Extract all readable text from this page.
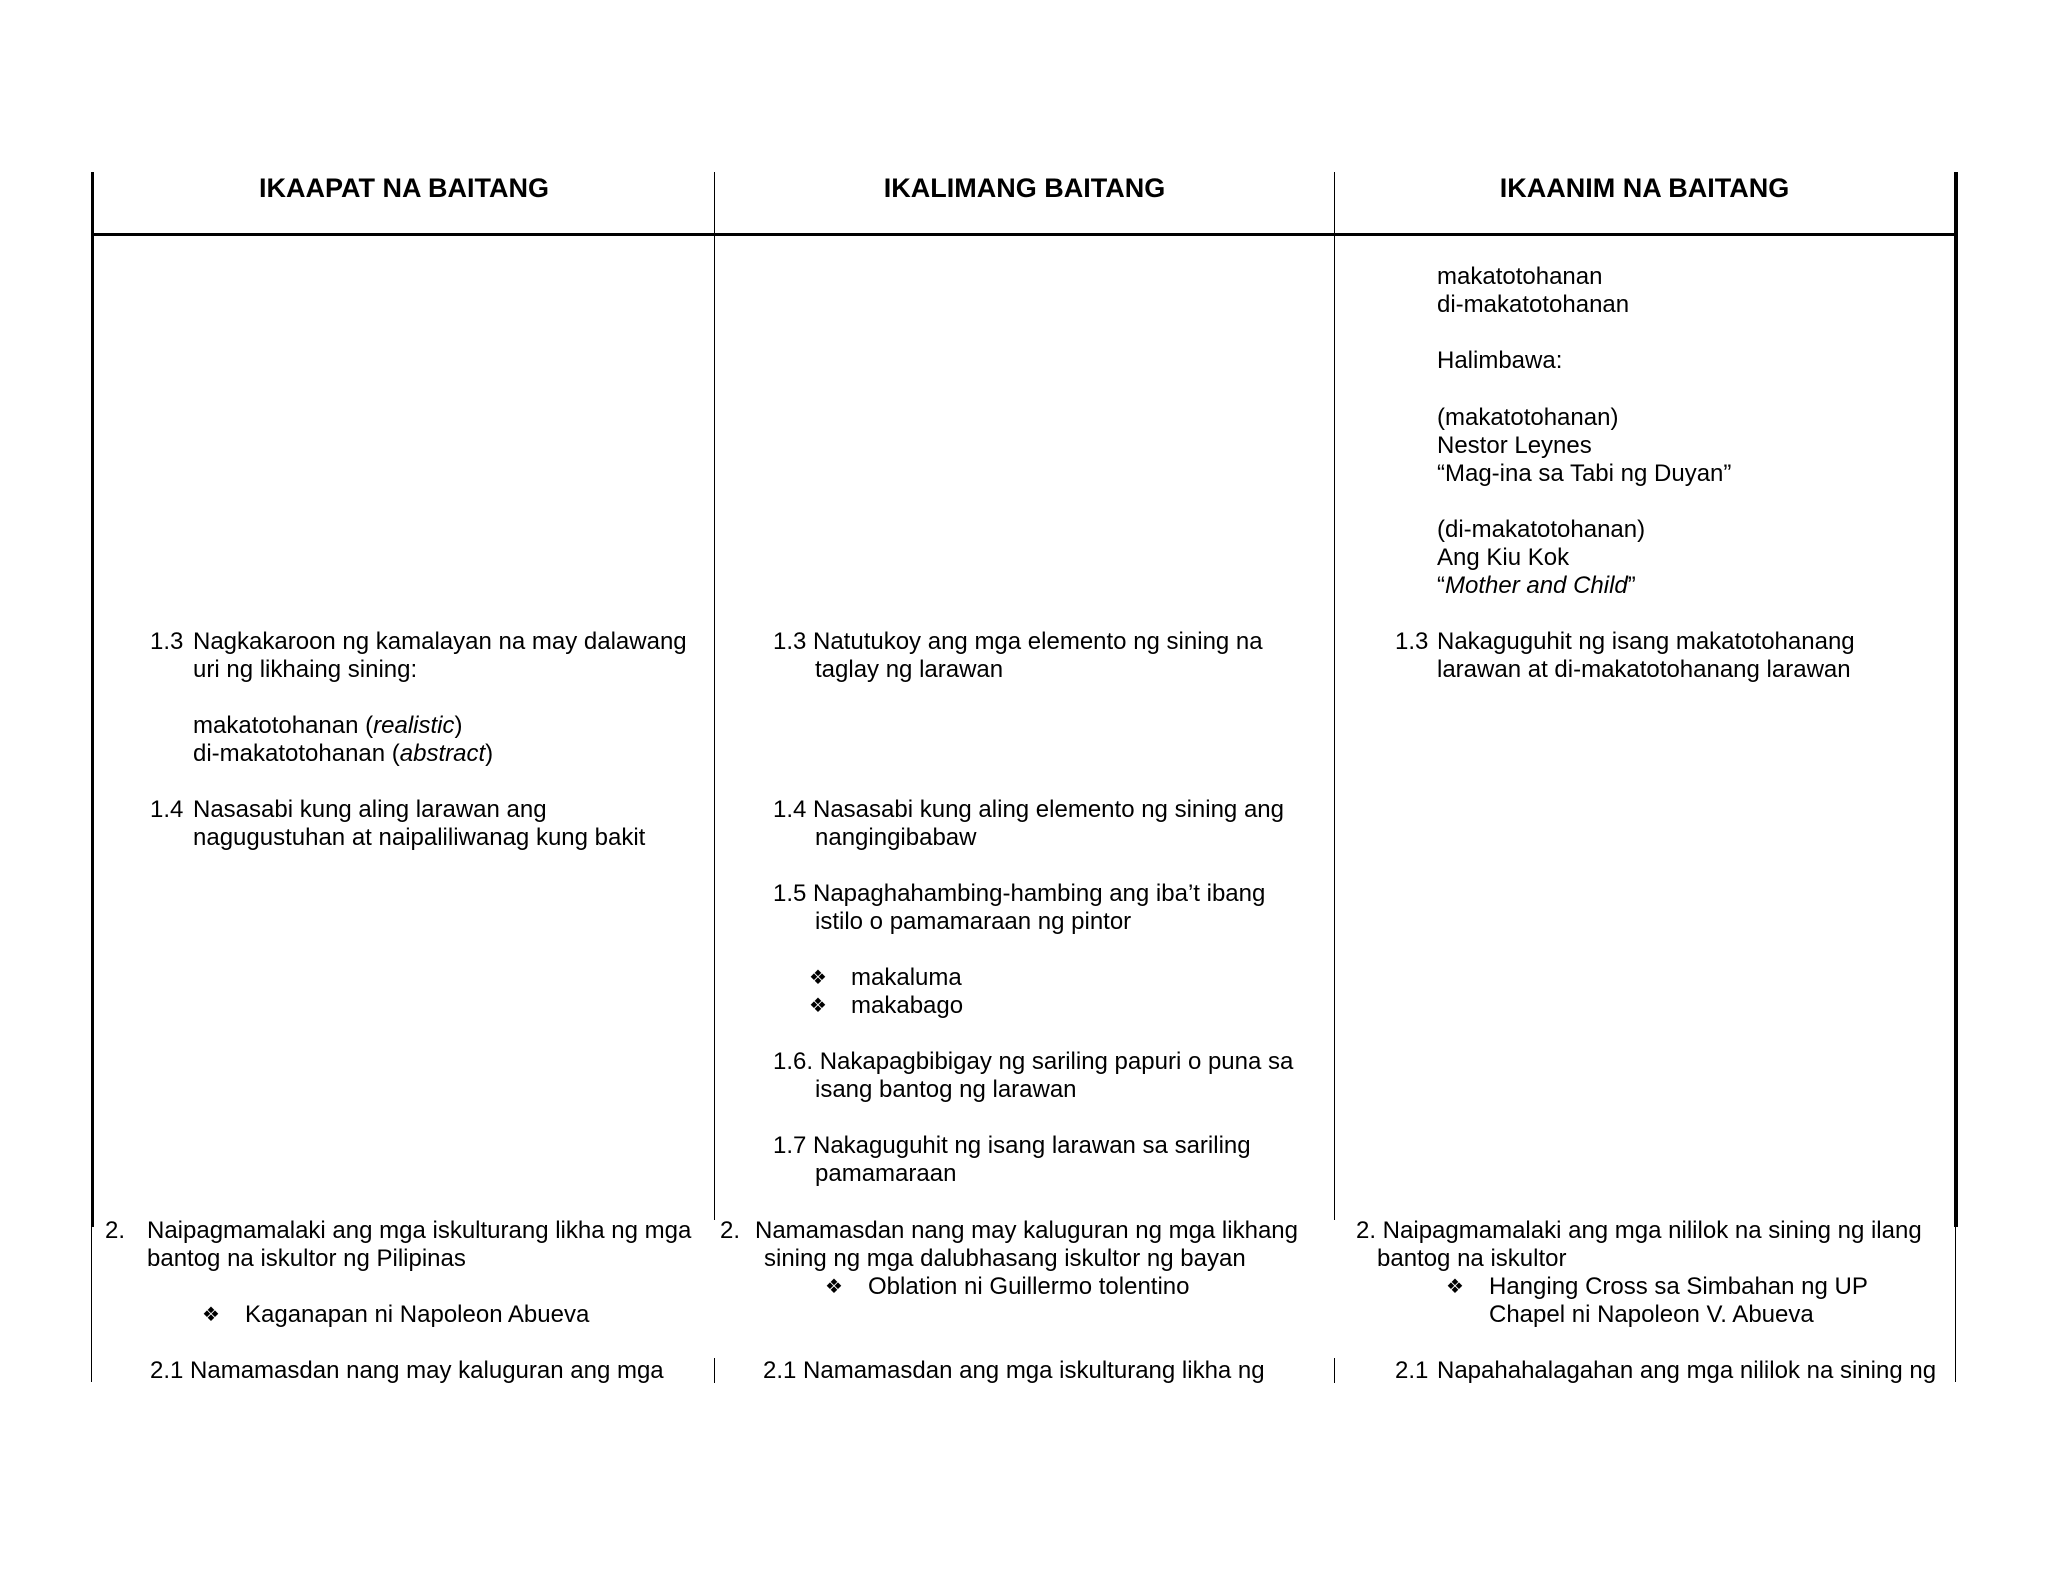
IKAAPAT NA BAITANG	IKALIMANG BAITANG	IKAANIM NA BAITANG
makatotohanan
di-makatotohanan
Halimbawa:
(makatotohanan)
Nestor Leynes
“Mag-ina sa Tabi ng Duyan”
(di-makatotohanan)
Ang Kiu Kok
“Mother and Child”
1.3 Nagkakaroon ng kamalayan na may dalawang
uri ng likhaing sining:
makatotohanan (realistic)
di-makatotohanan (abstract)
1.4 Nasasabi kung aling larawan ang
nagugustuhan at naipaliliwanag kung bakit
2. Naipagmamalaki ang mga iskulturang likha ng mga
bantog na iskultor ng Pilipinas
❖ Kaganapan ni Napoleon Abueva
2.1 Namamasdan nang may kaluguran ang mga
1.3 Natutukoy ang mga elemento ng sining na
taglay ng larawan
1.4 Nasasabi kung aling elemento ng sining ang
nangingibabaw
1.5 Napaghahambing-hambing ang iba’t ibang
istilo o pamamaraan ng pintor
❖ makaluma
❖ makabago
1.6. Nakapagbibigay ng sariling papuri o puna sa
isang bantog ng larawan
1.7 Nakaguguhit ng isang larawan sa sariling
pamamaraan
2. Namamasdan nang may kaluguran ng mga likhang
sining ng mga dalubhasang iskultor ng bayan
❖ Oblation ni Guillermo tolentino
2.1 Namamasdan ang mga iskulturang likha ng
1.3 Nakaguguhit ng isang makatotohanang
larawan at di-makatotohanang larawan
2. Naipagmamalaki ang mga nililok na sining ng ilang
bantog na iskultor
❖ Hanging Cross sa Simbahan ng UP
Chapel ni Napoleon V. Abueva
2.1 Napahahalagahan ang mga nililok na sining ng
